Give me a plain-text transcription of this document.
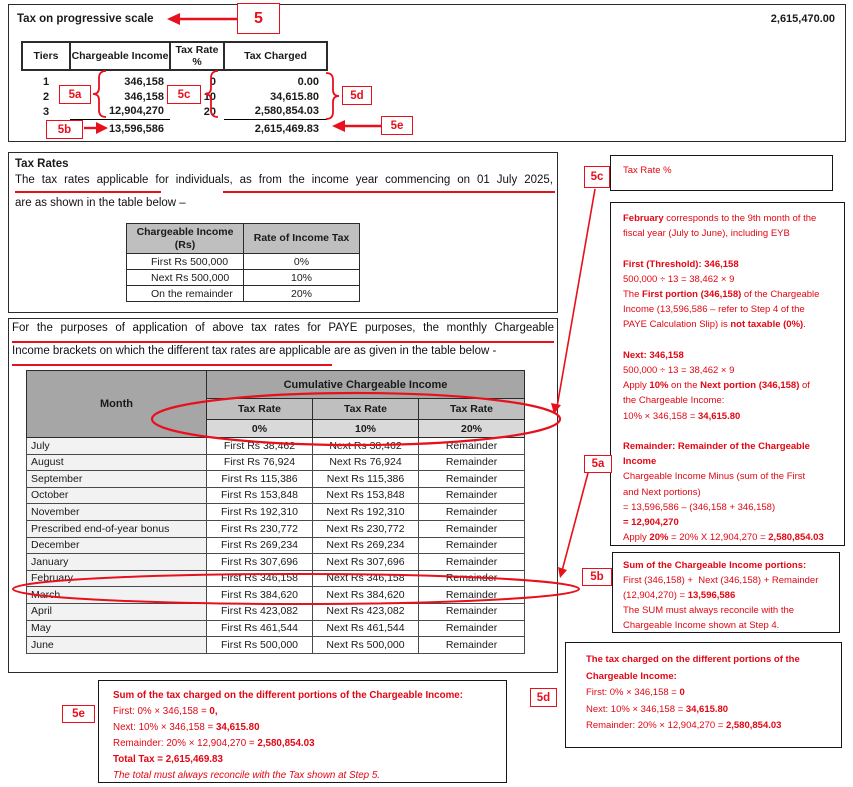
Tax on progressive scale	2,615,470.00
Tiers	Chargeable Income	Tax Rate %	Tax Charged

1	346,158	0	0.00
2	346,158	10	34,615.80
3	12,904,270	20	2,580,854.03
	13,596,586		2,615,469.83
Tax Rates
The tax rates applicable for individuals, as from the income year commencing on 01 July 2025,
are as shown in the table below –
Chargeable Income (Rs)	Rate of Income Tax
First Rs 500,000	0%
Next Rs 500,000	10%
On the remainder	20%
For the purposes of application of above tax rates for PAYE purposes, the monthly Chargeable
Income brackets on which the different tax rates are applicable are as given in the table below -
Month	Cumulative Chargeable Income		
	Tax Rate	Tax Rate	Tax Rate
	0%	10%	20%
July	First Rs 38,462	Next Rs 38,462	Remainder
August	First Rs 76,924	Next Rs 76,924	Remainder
September	First Rs 115,386	Next Rs 115,386	Remainder
October	First Rs 153,848	Next Rs 153,848	Remainder
November	First Rs 192,310	Next Rs 192,310	Remainder
Prescribed end-of-year bonus	First Rs 230,772	Next Rs 230,772	Remainder
December	First Rs 269,234	Next Rs 269,234	Remainder
January	First Rs 307,696	Next Rs 307,696	Remainder
February	First Rs 346,158	Next Rs 346,158	Remainder
March	First Rs 384,620	Next Rs 384,620	Remainder
April	First Rs 423,082	Next Rs 423,082	Remainder
May	First Rs 461,544	Next Rs 461,544	Remainder
June	First Rs 500,000	Next Rs 500,000	Remainder
Tax Rate %
February corresponds to the 9th month of the
fiscal year (July to June), including EYB

First (Threshold): 346,158
500,000 ÷ 13 = 38,462 × 9
The First portion (346,158) of the Chargeable
Income (13,596,586 – refer to Step 4 of the
PAYE Calculation Slip) is not taxable (0%).

Next: 346,158
500,000 ÷ 13 = 38,462 × 9
Apply 10% on the Next portion (346,158) of
the Chargeable Income:
10% × 346,158 = 34,615.80

Remainder: Remainder of the Chargeable
Income
Chargeable Income Minus (sum of the First
and Next portions)
= 13,596,586 – (346,158 + 346,158)
= 12,904,270
Apply 20% = 20% X 12,904,270 = 2,580,854.03
Sum of the Chargeable Income portions:
First (346,158) +  Next (346,158) + Remainder
(12,904,270) = 13,596,586
The SUM must always reconcile with the
Chargeable Income shown at Step 4.
The tax charged on the different portions of the
Chargeable Income:
First: 0% × 346,158 = 0
Next: 10% × 346,158 = 34,615.80
Remainder: 20% × 12,904,270 = 2,580,854.03
Sum of the tax charged on the different portions of the Chargeable Income:
First: 0% × 346,158 = 0,
Next: 10% × 346,158 = 34,615.80
Remainder: 20% × 12,904,270 = 2,580,854.03
Total Tax = 2,615,469.83
The total must always reconcile with the Tax shown at Step 5.
5
5a	5c	5d
5b	5e
5c
5a
5b
5d
5e
